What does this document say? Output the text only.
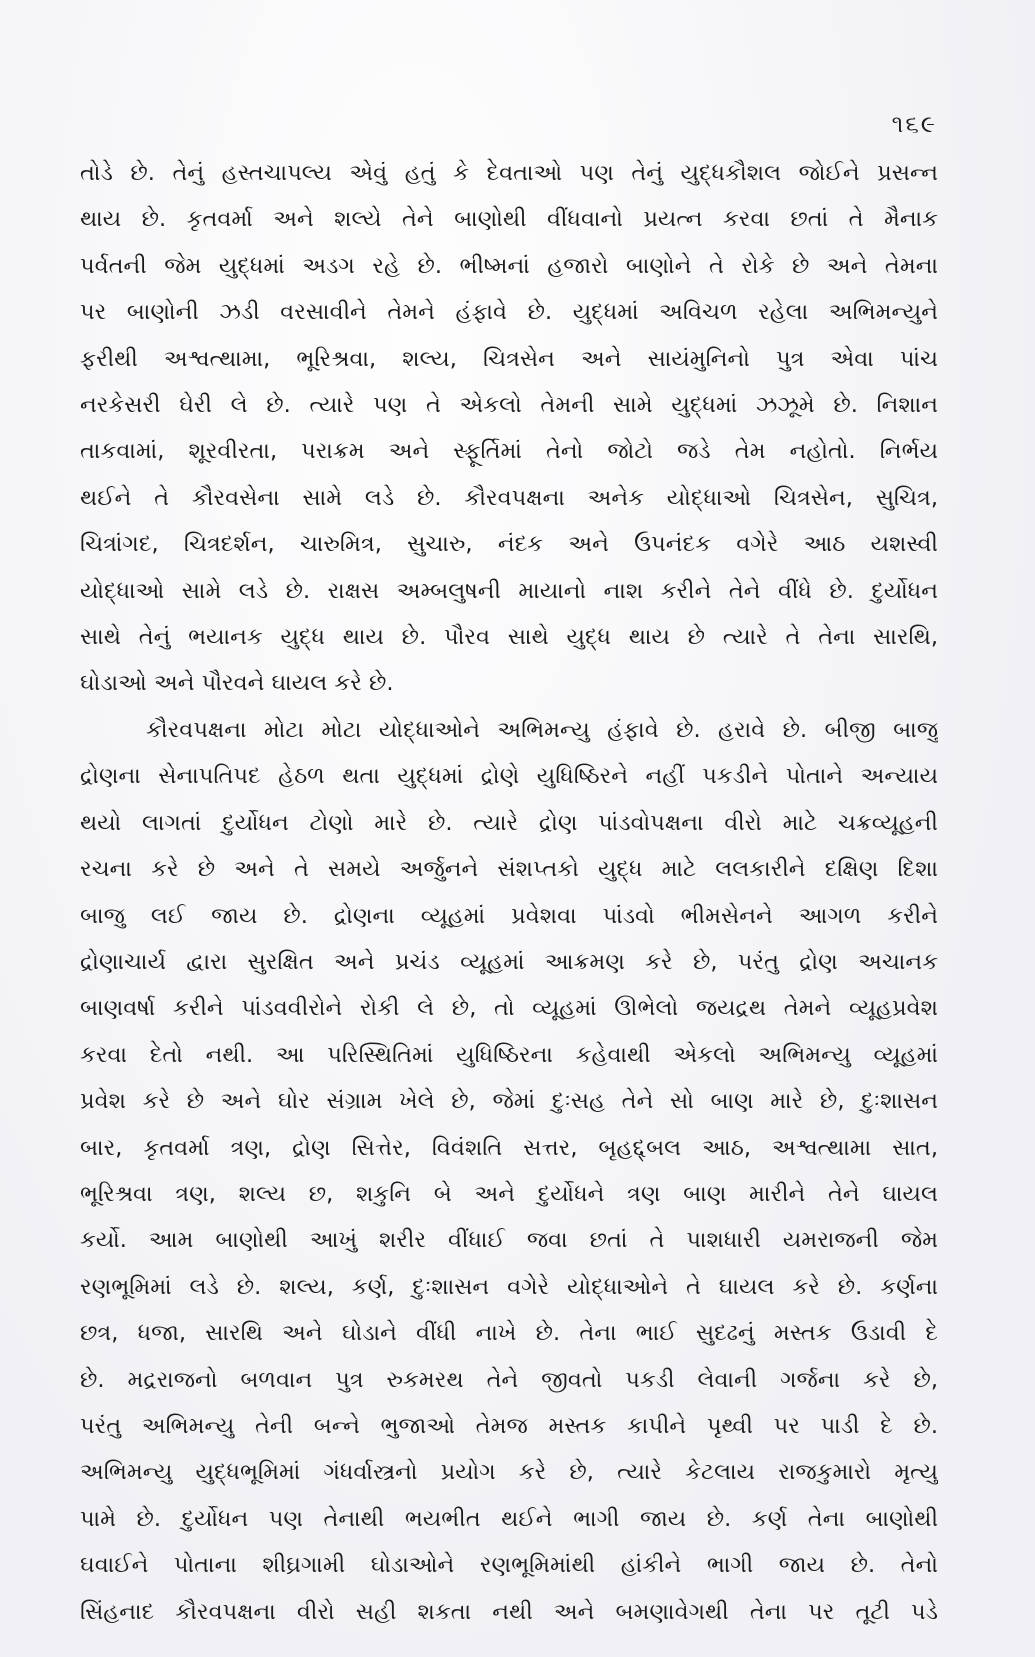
૧૬૯

તોડે છે. તેનું હસ્તચાપલ્ય એવું હતું કે દેવતાઓ પણ તેનું યુદ્ધકૌશલ જોઈને પ્રસન્ન

થાય છે. કૃતવર્મા અને શલ્યે તેને બાણોથી વીંધવાનો પ્રયત્ન કરવા છતાં તે મૈનાક

પર્વતની જેમ યુદ્ધમાં અડગ રહે છે. ભીષ્મનાં હજારો બાણોને તે રોકે છે અને તેમના

પર બાણોની ઝડી વરસાવીને તેમને હંફાવે છે. યુદ્ધમાં અવિચળ રહેલા અભિમન્યુને

ફરીથી અશ્વત્થામા, ભૂરિશ્રવા, શલ્ય, ચિત્રસેન અને સાયંમુનિનો પુત્ર એવા પાંચ

નરકેસરી ઘેરી લે છે. ત્યારે પણ તે એકલો તેમની સામે યુદ્ધમાં ઝઝૂમે છે. નિશાન

તાકવામાં, શૂરવીરતા, પરાક્રમ અને સ્ફૂર્તિમાં તેનો જોટો જડે તેમ નહોતો. નિર્ભય

થઈને તે કૌરવસેના સામે લડે છે. કૌરવપક્ષના અનેક યોદ્ધાઓ ચિત્રસેન, સુચિત્ર,

ચિત્રાંગદ, ચિત્રદર્શન, ચારુમિત્ર, સુચારુ, નંદક અને ઉપનંદક વગેરે આઠ યશસ્વી

યોદ્ધાઓ સામે લડે છે. રાક્ષસ અમ્બલુષની માયાનો નાશ કરીને તેને વીંધે છે. દુર્યોધન

સાથે તેનું ભયાનક યુદ્ધ થાય છે. પૌરવ સાથે યુદ્ધ થાય છે ત્યારે તે તેના સારથિ,

ઘોડાઓ અને પૌરવને ઘાયલ કરે છે.

કૌરવપક્ષના મોટા મોટા યોદ્ધાઓને અભિમન્યુ હંફાવે છે. હરાવે છે. બીજી બાજુ

દ્રોણના સેનાપતિપદ હેઠળ થતા યુદ્ધમાં દ્રોણે યુધિષ્ઠિરને નહીં પકડીને પોતાને અન્યાય

થયો લાગતાં દુર્યોધન ટોણો મારે છે. ત્યારે દ્રોણ પાંડવોપક્ષના વીરો માટે ચક્રવ્યૂહની

રચના કરે છે અને તે સમયે અર્જુનને સંશપ્તકો યુદ્ધ માટે લલકારીને દક્ષિણ દિશા

બાજુ લઈ જાય છે. દ્રોણના વ્યૂહમાં પ્રવેશવા પાંડવો ભીમસેનને આગળ કરીને

દ્રોણાચાર્ય દ્વારા સુરક્ષિત અને પ્રચંડ વ્યૂહમાં આક્રમણ કરે છે, પરંતુ દ્રોણ અચાનક

બાણવર્ષા કરીને પાંડવવીરોને રોકી લે છે, તો વ્યૂહમાં ઊભેલો જયદ્રથ તેમને વ્યૂહપ્રવેશ

કરવા દેતો નથી. આ પરિસ્થિતિમાં યુધિષ્ઠિરના કહેવાથી એકલો અભિમન્યુ વ્યૂહમાં

પ્રવેશ કરે છે અને ઘોર સંગ્રામ ખેલે છે, જેમાં દુઃસહ તેને સો બાણ મારે છે, દુઃશાસન

બાર, કૃતવર્મા ત્રણ, દ્રોણ સિત્તેર, વિવંશતિ સત્તર, બૃહદ્દ્બલ આઠ, અશ્વત્થામા સાત,

ભૂરિશ્રવા ત્રણ, શલ્ય છ, શકુનિ બે અને દુર્યોધને ત્રણ બાણ મારીને તેને ઘાયલ

કર્યો. આમ બાણોથી આખું શરીર વીંધાઈ જવા છતાં તે પાશધારી યમરાજની જેમ

રણભૂમિમાં લડે છે. શલ્ય, કર્ણ, દુઃશાસન વગેરે યોદ્ધાઓને તે ઘાયલ કરે છે. કર્ણના

છત્ર, ધજા, સારથિ અને ઘોડાને વીંધી નાખે છે. તેના ભાઈ સુદઢનું મસ્તક ઉડાવી દે

છે. મદ્રરાજનો બળવાન પુત્ર રુકમરથ તેને જીવતો પકડી લેવાની ગર્જના કરે છે,

પરંતુ અભિમન્યુ તેની બન્ને ભુજાઓ તેમજ મસ્તક કાપીને પૃથ્વી પર પાડી દે છે.

અભિમન્યુ યુદ્ધભૂમિમાં ગંધર્વાસ્ત્રનો પ્રયોગ કરે છે, ત્યારે કેટલાય રાજકુમારો મૃત્યુ

પામે છે. દુર્યોધન પણ તેનાથી ભયભીત થઈને ભાગી જાય છે. કર્ણ તેના બાણોથી

ઘવાઈને પોતાના શીઘ્રગામી ઘોડાઓને રણભૂમિમાંથી હાંકીને ભાગી જાય છે. તેનો

સિંહનાદ કૌરવપક્ષના વીરો સહી શકતા નથી અને બમણાવેગથી તેના પર તૂટી પડે
